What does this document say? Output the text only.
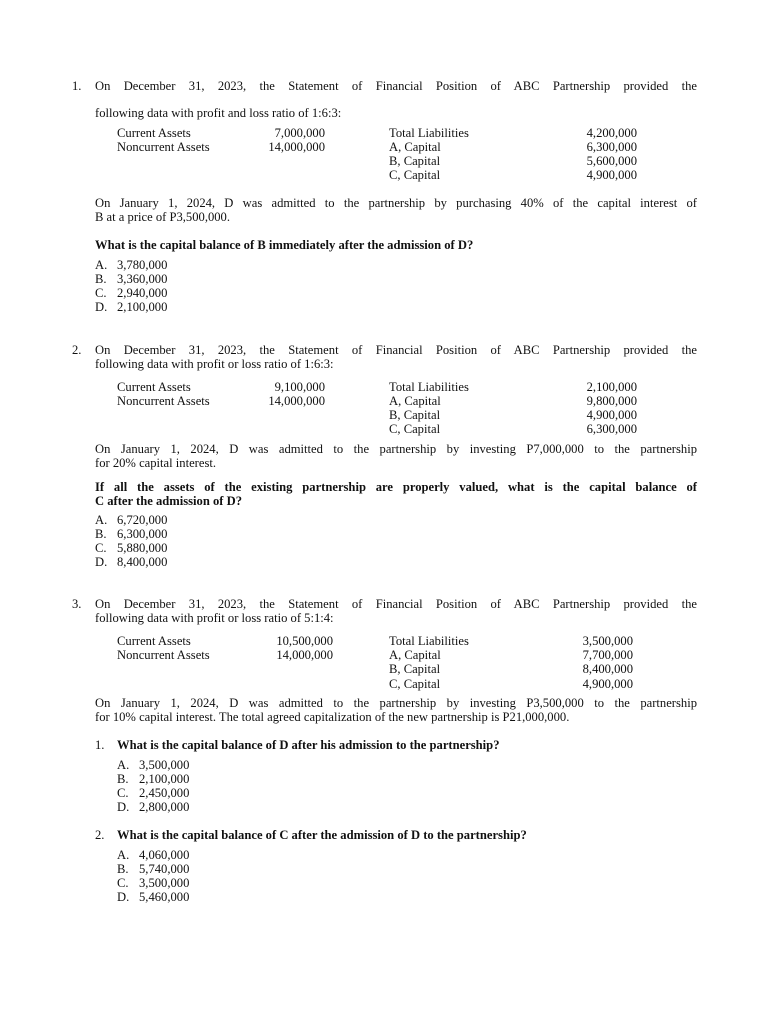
1. On December 31, 2023, the Statement of Financial Position of ABC Partnership provided the
following data with profit and loss ratio of 1:6:3:
Current Assets	7,000,000	Total Liabilities	4,200,000
Noncurrent Assets	14,000,000	A, Capital	6,300,000
B, Capital	5,600,000
C, Capital	4,900,000
On January 1, 2024, D was admitted to the partnership by purchasing 40% of the capital interest of
B at a price of P3,500,000.
What is the capital balance of B immediately after the admission of D?
A. 3,780,000
B. 3,360,000
C. 2,940,000
D. 2,100,000
2. On December 31, 2023, the Statement of Financial Position of ABC Partnership provided the
following data with profit or loss ratio of 1:6:3:
Current Assets	9,100,000	Total Liabilities	2,100,000
Noncurrent Assets	14,000,000	A, Capital	9,800,000
B, Capital	4,900,000
C, Capital	6,300,000
On January 1, 2024, D was admitted to the partnership by investing P7,000,000 to the partnership
for 20% capital interest.
If all the assets of the existing partnership are properly valued, what is the capital balance of
C after the admission of D?
A. 6,720,000
B. 6,300,000
C. 5,880,000
D. 8,400,000
3. On December 31, 2023, the Statement of Financial Position of ABC Partnership provided the
following data with profit or loss ratio of 5:1:4:
Current Assets	10,500,000	Total Liabilities	3,500,000
Noncurrent Assets	14,000,000	A, Capital	7,700,000
B, Capital	8,400,000
C, Capital	4,900,000
On January 1, 2024, D was admitted to the partnership by investing P3,500,000 to the partnership
for 10% capital interest. The total agreed capitalization of the new partnership is P21,000,000.
1. What is the capital balance of D after his admission to the partnership?
A. 3,500,000
B. 2,100,000
C. 2,450,000
D. 2,800,000
2. What is the capital balance of C after the admission of D to the partnership?
A. 4,060,000
B. 5,740,000
C. 3,500,000
D. 5,460,000
